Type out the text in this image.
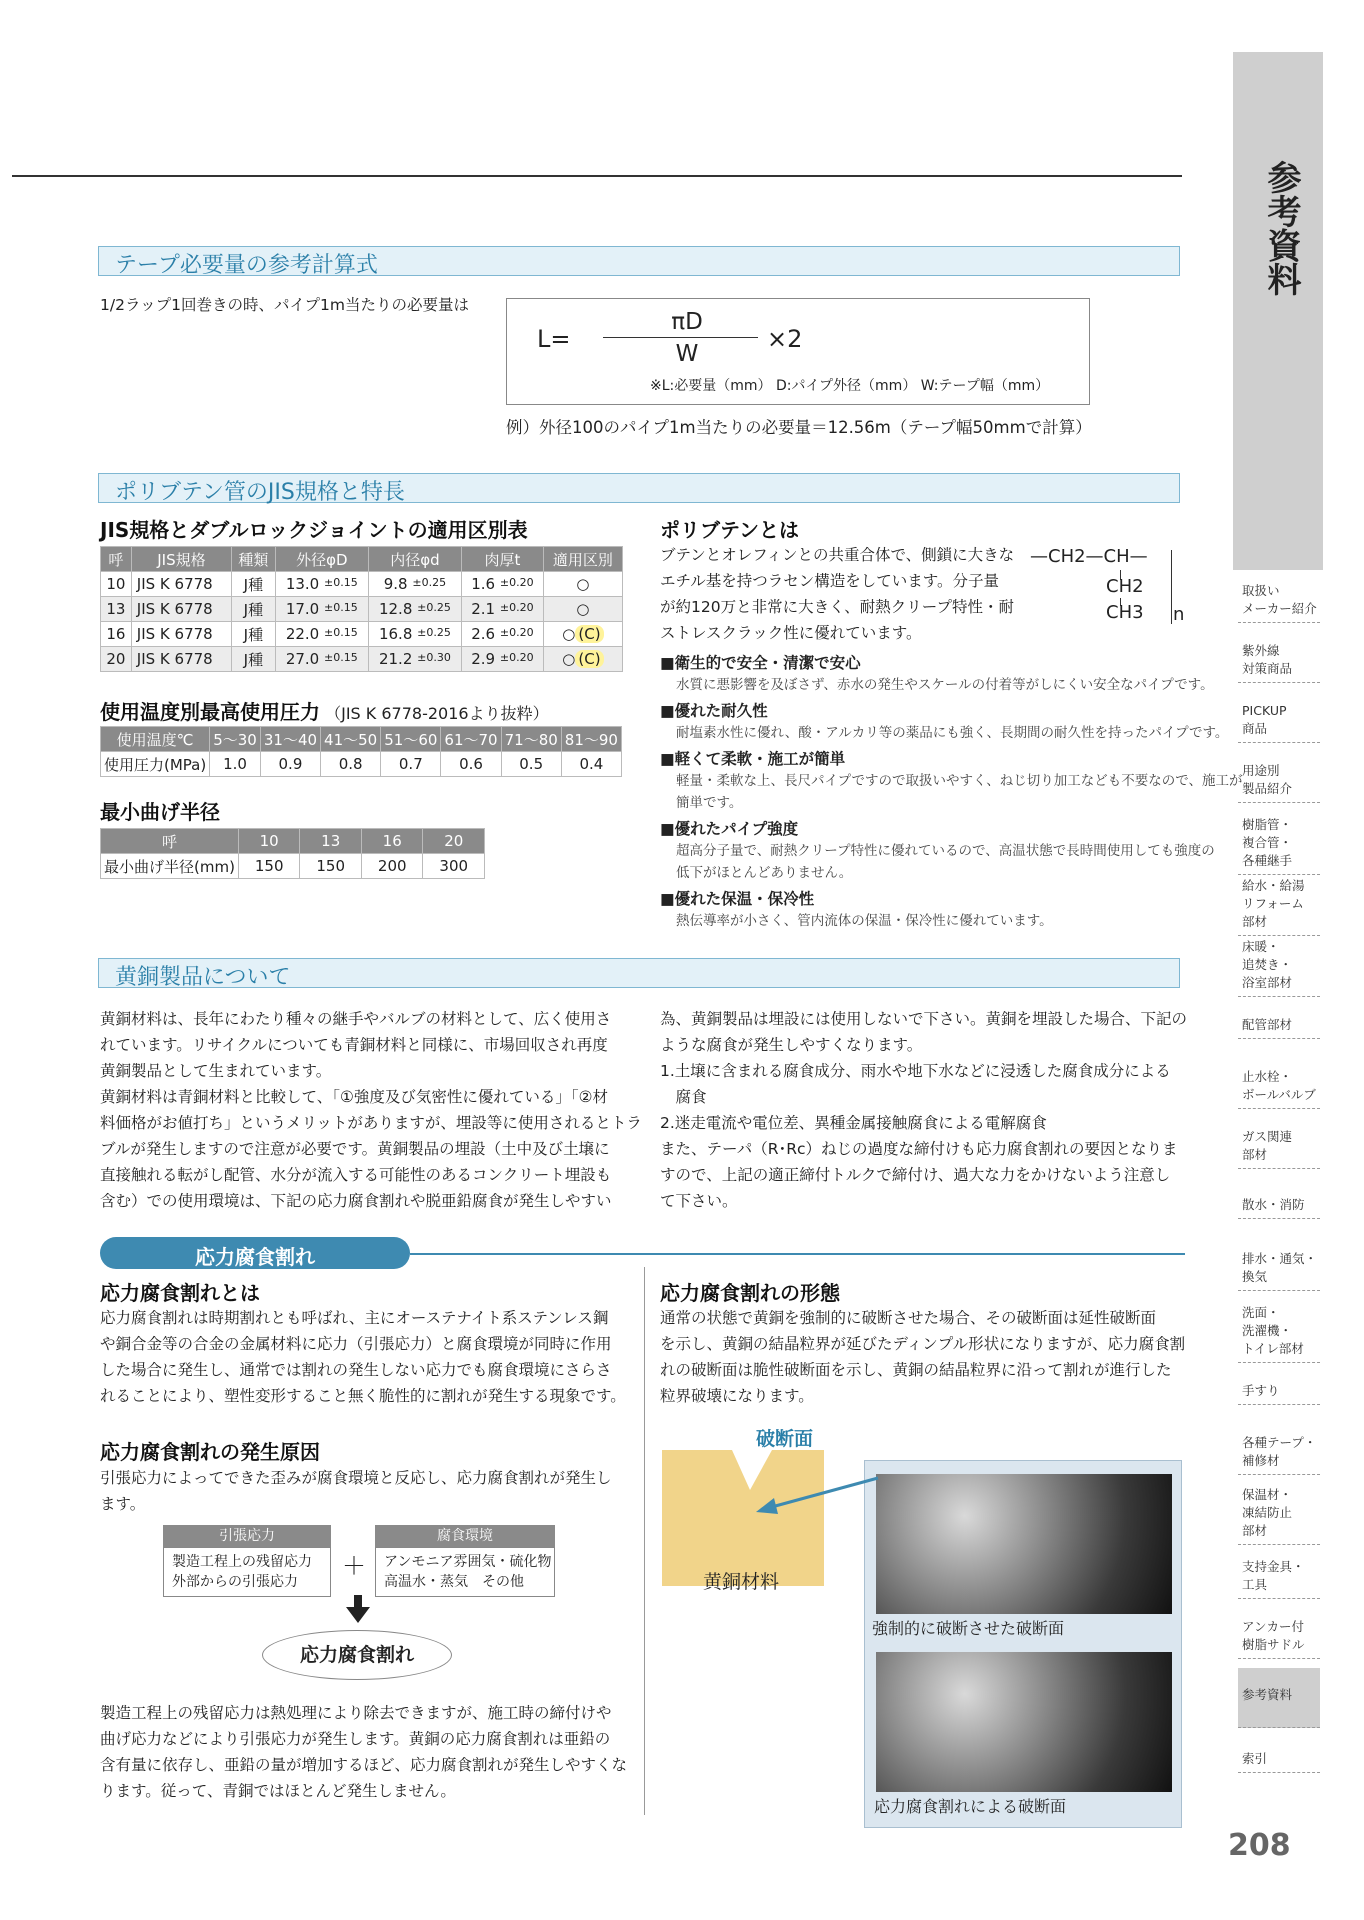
テープ必要量の参考計算式
1/2ラップ1回巻きの時、パイプ1m当たりの必要量は
L=
πD
W
×2
※L:必要量（mm） D:パイプ外径（mm） W:テープ幅（mm）
例）外径100のパイプ1m当たりの必要量＝12.56m（テープ幅50mmで計算）
ポリブテン管のJIS規格と特長
JIS規格とダブルロックジョイントの適用区別表
呼	JIS規格	種類	外径φD	内径φd	肉厚t	適用区別
10	JIS K 6778	J種	13.0 $^{\pm 0.15}$	9.8 $^{\pm 0.25}$	1.6 $^{\pm 0.20}$	○
13	JIS K 6778	J種	17.0 $^{\pm 0.15}$	12.8 $^{\pm 0.25}$	2.1 $^{\pm 0.20}$	○
16	JIS K 6778	J種	22.0 $^{\pm 0.15}$	16.8 $^{\pm 0.25}$	2.6 $^{\pm 0.20}$	○ (C)
20	JIS K 6778	J種	27.0 $^{\pm 0.15}$	21.2 $^{\pm 0.30}$	2.9 $^{\pm 0.20}$	○ (C)
使用温度別最高使用圧力 （JIS K 6778-2016より抜粋）
使用温度℃	5～30	31～40	41～50	51～60	61～70	71～80	81～90
使用圧力(MPa)	1.0	0.9	0.8	0.7	0.6	0.5	0.4
最小曲げ半径
呼	10	13	16	20
最小曲げ半径(mm)	150	150	200	300
ポリブテンとは
ブテンとオレフィンとの共重合体で、側鎖に大きな
エチル基を持つラセン構造をしています。分子量
が約120万と非常に大きく、耐熱クリープ特性・耐
ストレスクラック性に優れています。
—CH2—CH—
CH2
CH3 n
■衛生的で安全・清潔で安心
水質に悪影響を及ぼさず、赤水の発生やスケールの付着等がしにくい安全なパイプです。
■優れた耐久性
耐塩素水性に優れ、酸・アルカリ等の薬品にも強く、長期間の耐久性を持ったパイプです。
■軽くて柔軟・施工が簡単
軽量・柔軟な上、長尺パイプですので取扱いやすく、ねじ切り加工なども不要なので、施工が
簡単です。
■優れたパイプ強度
超高分子量で、耐熱クリープ特性に優れているので、高温状態で長時間使用しても強度の
低下がほとんどありません。
■優れた保温・保冷性
熱伝導率が小さく、管内流体の保温・保冷性に優れています。
黄銅製品について
黄銅材料は、長年にわたり種々の継手やバルブの材料として、広く使用さ
れています。リサイクルについても青銅材料と同様に、市場回収され再度
黄銅製品として生まれています。
黄銅材料は青銅材料と比較して、「①強度及び気密性に優れている」「②材
料価格がお値打ち」というメリットがありますが、埋設等に使用されるとトラ
ブルが発生しますので注意が必要です。黄銅製品の埋設（土中及び土壌に
直接触れる転がし配管、水分が流入する可能性のあるコンクリート埋設も
含む）での使用環境は、下記の応力腐食割れや脱亜鉛腐食が発生しやすい
為、黄銅製品は埋設には使用しないで下さい。黄銅を埋設した場合、下記の
ような腐食が発生しやすくなります。
1.土壌に含まれる腐食成分、雨水や地下水などに浸透した腐食成分による
　腐食
2.迷走電流や電位差、異種金属接触腐食による電解腐食
また、テーパ（R･Rc）ねじの過度な締付けも応力腐食割れの要因となりま
すので、上記の適正締付トルクで締付け、過大な力をかけないよう注意し
て下さい。
応力腐食割れ
応力腐食割れとは
応力腐食割れは時期割れとも呼ばれ、主にオーステナイト系ステンレス鋼
や銅合金等の合金の金属材料に応力（引張応力）と腐食環境が同時に作用
した場合に発生し、通常では割れの発生しない応力でも腐食環境にさらさ
れることにより、塑性変形すること無く脆性的に割れが発生する現象です。
応力腐食割れの発生原因
引張応力によってできた歪みが腐食環境と反応し、応力腐食割れが発生し
ます。
引張応力
製造工程上の残留応力
外部からの引張応力
＋
腐食環境
アンモニア雰囲気・硫化物
高温水・蒸気　その他
応力腐食割れ
製造工程上の残留応力は熱処理により除去できますが、施工時の締付けや
曲げ応力などにより引張応力が発生します。黄銅の応力腐食割れは亜鉛の
含有量に依存し、亜鉛の量が増加するほど、応力腐食割れが発生しやすくな
ります。従って、青銅ではほとんど発生しません。
応力腐食割れの形態
通常の状態で黄銅を強制的に破断させた場合、その破断面は延性破断面
を示し、黄銅の結晶粒界が延びたディンプル形状になりますが、応力腐食割
れの破断面は脆性破断面を示し、黄銅の結晶粒界に沿って割れが進行した
粒界破壊になります。
破断面
黄銅材料
強制的に破断させた破断面
応力腐食割れによる破断面
参考資料
取扱い
メーカー紹介
紫外線
対策商品
PICKUP
商品
用途別
製品紹介
樹脂管・
複合管・
各種継手
給水・給湯
リフォーム
部材
床暖・
追焚き・
浴室部材
配管部材
止水栓・
ボールバルブ
ガス関連
部材
散水・消防
排水・通気・
換気
洗面・
洗濯機・
トイレ部材
手すり
各種テープ・
補修材
保温材・
凍結防止
部材
支持金具・
工具
アンカー付
樹脂サドル
参考資料
索引
208
